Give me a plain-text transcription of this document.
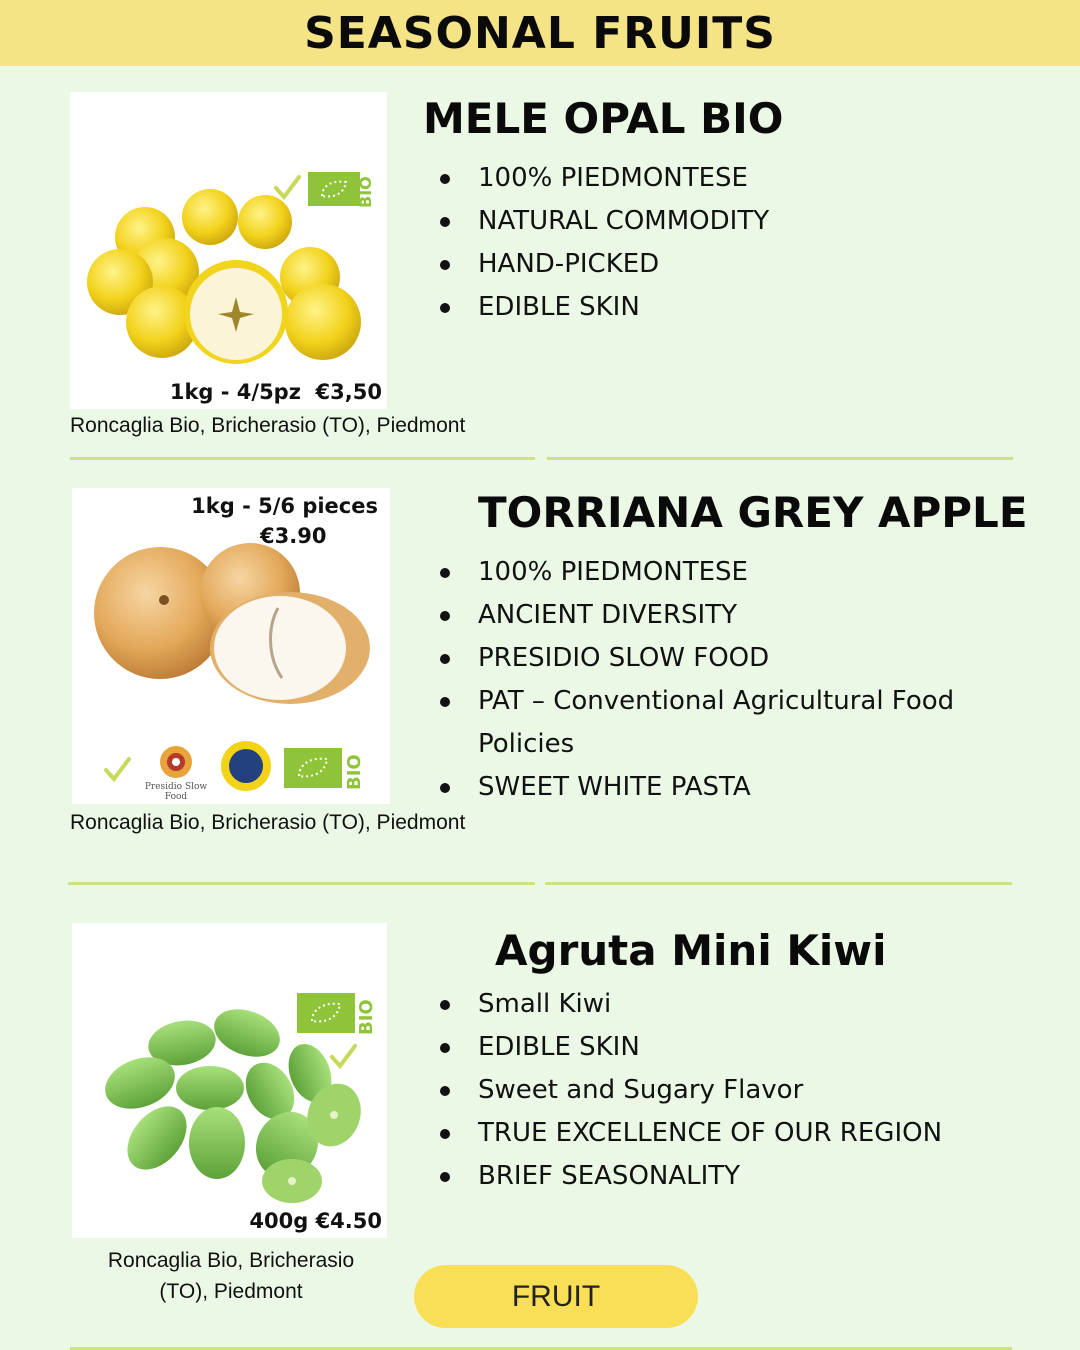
SEASONAL FRUITS
BIO
1kg - 4/5pz  €3,50
Roncaglia Bio, Bricherasio (TO), Piedmont
MELE OPAL BIO
100% PIEDMONTESE
NATURAL COMMODITY
HAND-PICKED
EDIBLE SKIN
1kg - 5/6 pieces
€3.90
Presidio Slow Food
BIO
Roncaglia Bio, Bricherasio (TO), Piedmont
TORRIANA GREY APPLE
100% PIEDMONTESE
ANCIENT DIVERSITY
PRESIDIO SLOW FOOD
PAT – Conventional Agricultural Food Policies
SWEET WHITE PASTA
BIO
400g €4.50
Roncaglia Bio, Bricherasio
(TO), Piedmont
Agruta Mini Kiwi
Small Kiwi
EDIBLE SKIN
Sweet and Sugary Flavor
TRUE EXCELLENCE OF OUR REGION
BRIEF SEASONALITY
FRUIT
